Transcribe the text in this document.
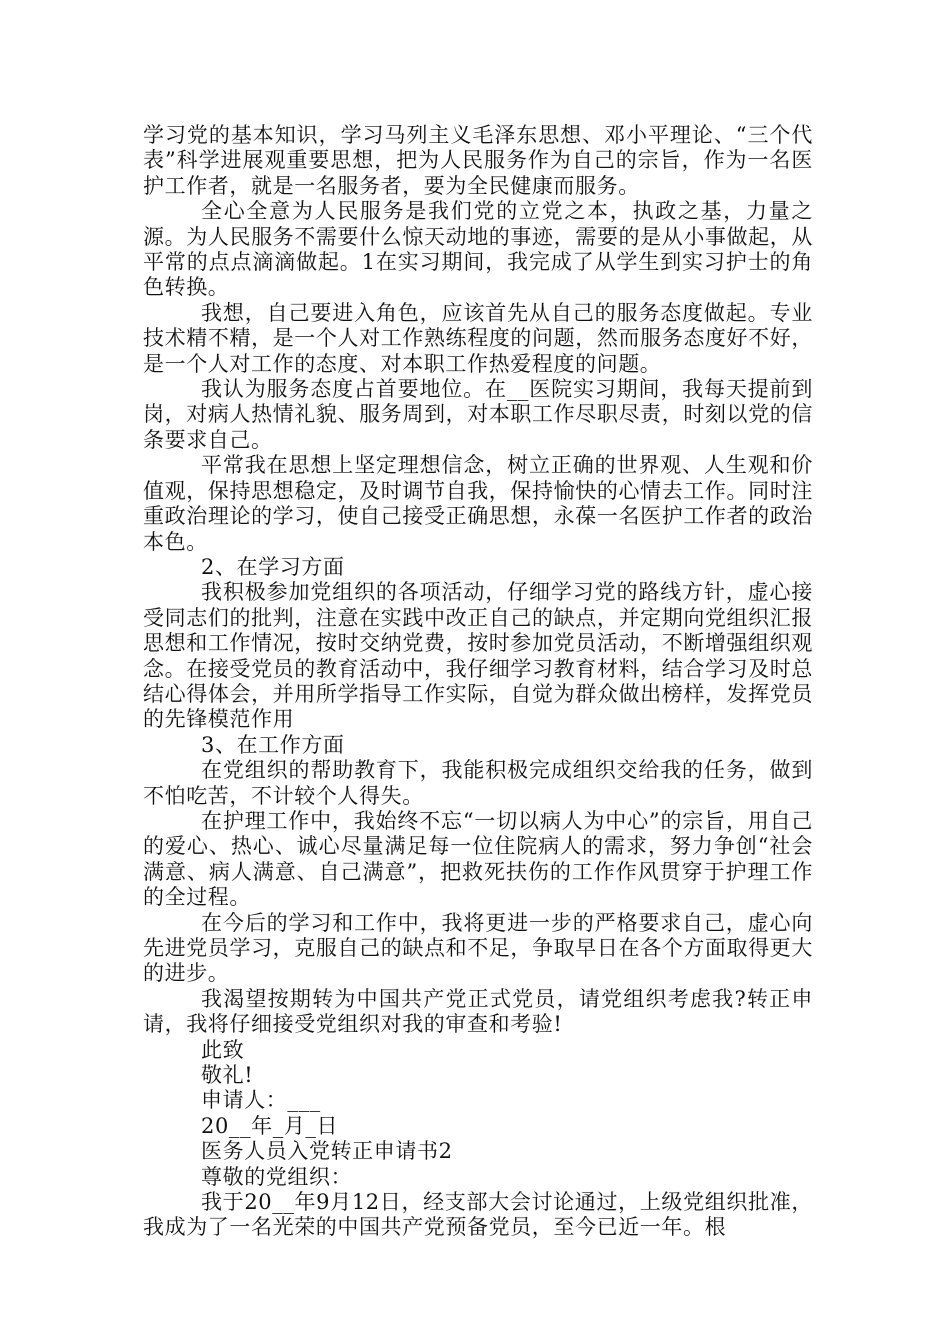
学习党的基本知识，学习马列主义毛泽东思想、邓小平理论、“三个代表”科学进展观重要思想，把为人民服务作为自己的宗旨，作为一名医护工作者，就是一名服务者，要为全民健康而服务。

全心全意为人民服务是我们党的立党之本，执政之基，力量之源。为人民服务不需要什么惊天动地的事迹，需要的是从小事做起，从平常的点点滴滴做起。1在实习期间，我完成了从学生到实习护士的角色转换。

我想，自己要进入角色，应该首先从自己的服务态度做起。专业技术精不精，是一个人对工作熟练程度的问题，然而服务态度好不好，是一个人对工作的态度、对本职工作热爱程度的问题。

我认为服务态度占首要地位。在__医院实习期间，我每天提前到岗，对病人热情礼貌、服务周到，对本职工作尽职尽责，时刻以党的信条要求自己。

平常我在思想上坚定理想信念，树立正确的世界观、人生观和价值观，保持思想稳定，及时调节自我，保持愉快的心情去工作。同时注重政治理论的学习，使自己接受正确思想，永葆一名医护工作者的政治本色。

2、在学习方面

我积极参加党组织的各项活动，仔细学习党的路线方针，虚心接受同志们的批判，注意在实践中改正自己的缺点，并定期向党组织汇报思想和工作情况，按时交纳党费，按时参加党员活动，不断增强组织观念。在接受党员的教育活动中，我仔细学习教育材料，结合学习及时总结心得体会，并用所学指导工作实际，自觉为群众做出榜样，发挥党员的先锋模范作用

3、在工作方面

在党组织的帮助教育下，我能积极完成组织交给我的任务，做到不怕吃苦，不计较个人得失。

在护理工作中，我始终不忘“一切以病人为中心”的宗旨，用自己的爱心、热心、诚心尽量满足每一位住院病人的需求，努力争创“社会满意、病人满意、自己满意”，把救死扶伤的工作作风贯穿于护理工作的全过程。

在今后的学习和工作中，我将更进一步的严格要求自己，虚心向先进党员学习，克服自己的缺点和不足，争取早日在各个方面取得更大的进步。

我渴望按期转为中国共产党正式党员，请党组织考虑我?转正申请，我将仔细接受党组织对我的审查和考验!

此致

敬礼!

申请人：___

20__年_月_日

医务人员入党转正申请书2

尊敬的党组织：

我于20__年9月12日，经支部大会讨论通过，上级党组织批准，我成为了一名光荣的中国共产党预备党员，至今已近一年。根
